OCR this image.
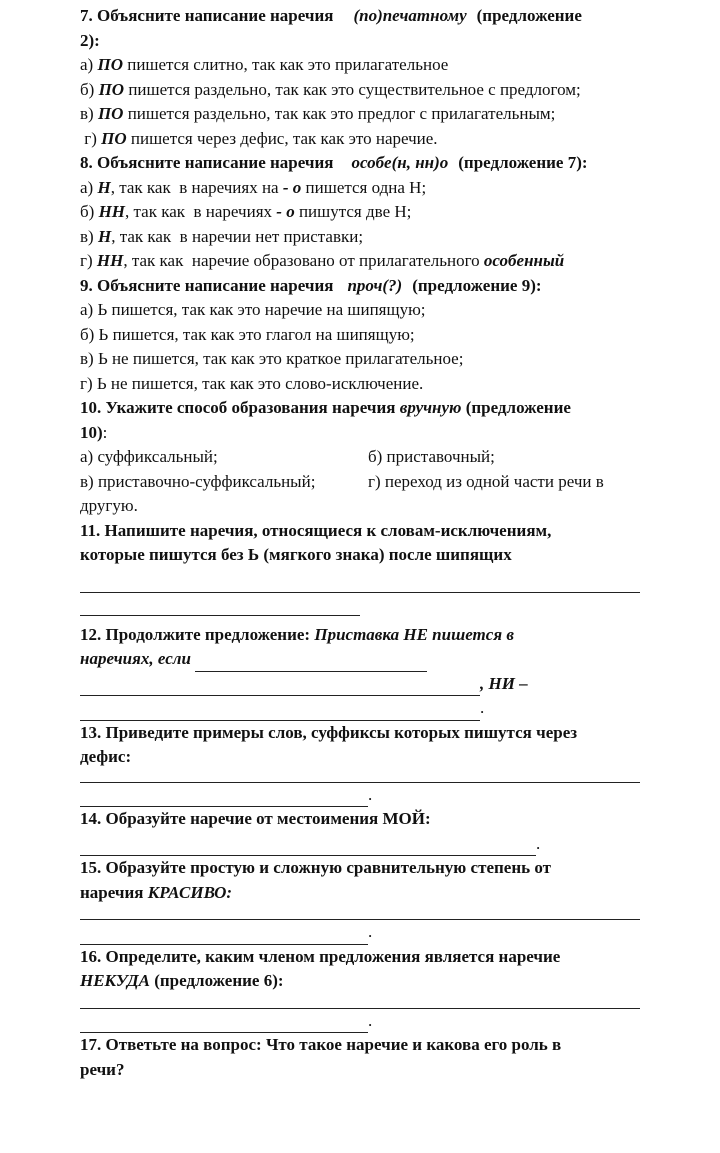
7. Объясните написание наречия (по)печатному (предложение
2):
а) ПО пишется слитно, так как это прилагательное
б) ПО пишется раздельно, так как это существительное с предлогом;
в) ПО пишется раздельно, так как это предлог с прилагательным;
г) ПО пишется через дефис, так как это наречие.
8. Объясните написание наречия особе(н, нн)о (предложение 7):
а) Н, так как  в наречиях на - о пишется одна Н;
б) НН, так как  в наречиях - о пишутся две Н;
в) Н, так как  в наречии нет приставки;
г) НН, так как  наречие образовано от прилагательного особенный
9. Объясните написание наречия проч(?) (предложение 9):
а) Ь пишется, так как это наречие на шипящую;
б) Ь пишется, так как это глагол на шипящую;
в) Ь не пишется, так как это краткое прилагательное;
г) Ь не пишется, так как это слово-исключение.
10. Укажите способ образования наречия вручную (предложение
10):
а) суффиксальный;	б) приставочный;
в) приставочно-суффиксальный;	г) переход из одной части речи в
другую.
11. Напишите наречия, относящиеся к словам-исключениям,
которые пишутся без Ь (мягкого знака) после шипящих
12. Продолжите предложение: Приставка НЕ пишется в
наречиях, если
, НИ –
.
13. Приведите примеры слов, суффиксы которых пишутся через
дефис:
.
14. Образуйте наречие от местоимения МОЙ:
.
15. Образуйте простую и сложную сравнительную степень от
наречия КРАСИВО:
.
16. Определите, каким членом предложения является наречие
НЕКУДА (предложение 6):
.
17. Ответьте на вопрос: Что такое наречие и какова его роль в
речи?
